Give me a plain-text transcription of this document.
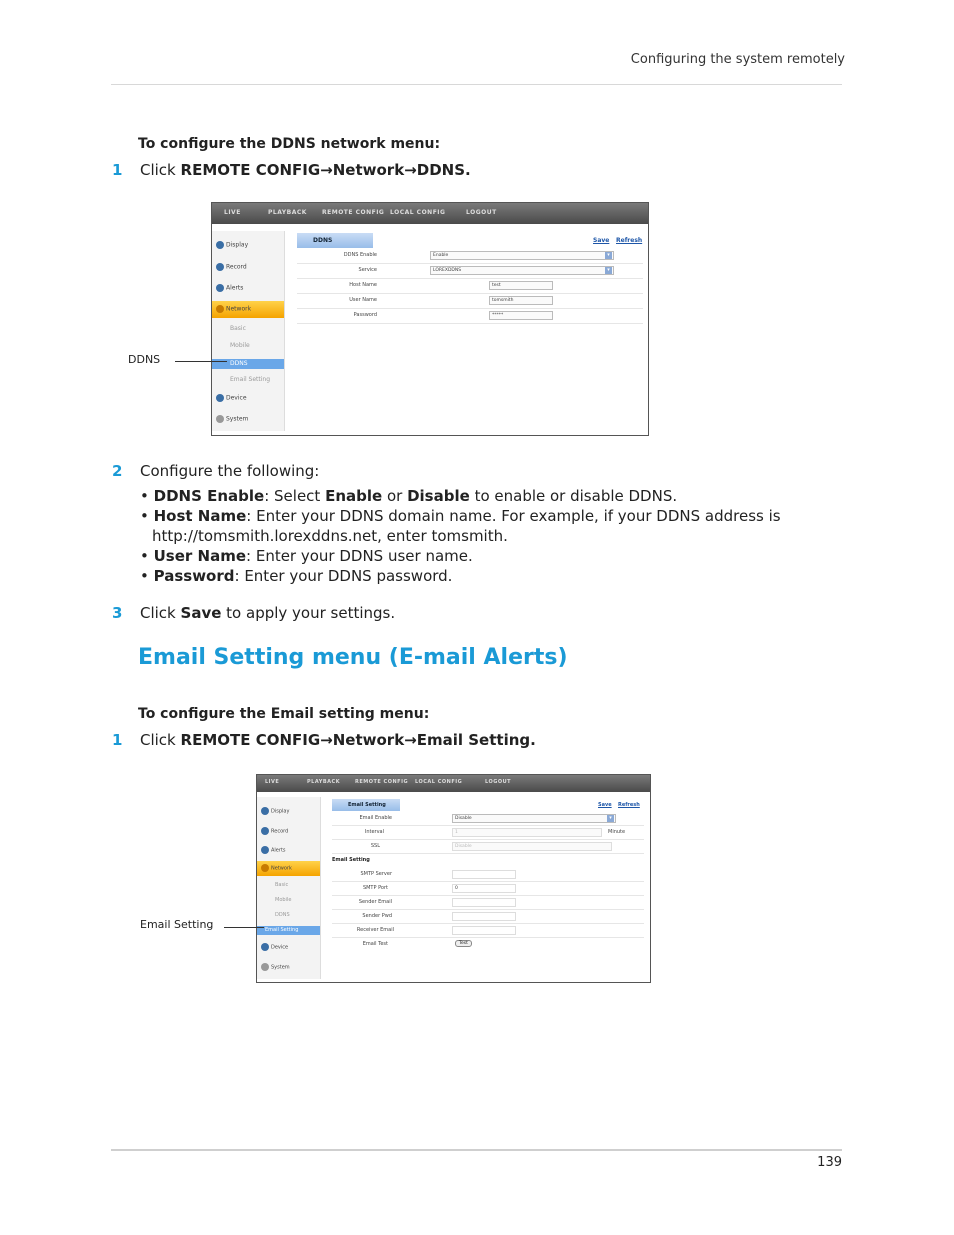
Configuring the system remotely
To configure the DDNS network menu:
1 Click REMOTE CONFIG→Network→DDNS.
LIVE	PLAYBACK	REMOTE CONFIG LOCAL CONFIG	LOGOUT
Display
Record
Alerts
Network
Basic
Mobile
DDNS
Email Setting
Device
System
DDNS	Save Refresh
DDNS Enable	Enable ▾
Service	LOREXDDNS ▾
Host Name	test
User Name	tomsmith
Password	*****
DDNS
2 Configure the following:
• DDNS Enable: Select Enable or Disable to enable or disable DDNS.
• Host Name: Enter your DDNS domain name. For example, if your DDNS address is
http://tomsmith.lorexddns.net, enter tomsmith.
• User Name: Enter your DDNS user name.
• Password: Enter your DDNS password.
3 Click Save to apply your settings.
Email Setting menu (E-mail Alerts)
To configure the Email setting menu:
1 Click REMOTE CONFIG→Network→Email Setting.
LIVE	PLAYBACK	REMOTE CONFIG LOCAL CONFIG	LOGOUT
Display
Record
Alerts
Network
Basic
Mobile
DDNS
Email Setting
Device
System
Email Setting	Save Refresh
Email Enable	Disable ▾
Interval	1	Minute
SSL	Disable
Email Setting
SMTP Server
SMTP Port	0
Sender Email
Sender Pwd
Receiver Email
Email Test	Test
Email Setting
139
